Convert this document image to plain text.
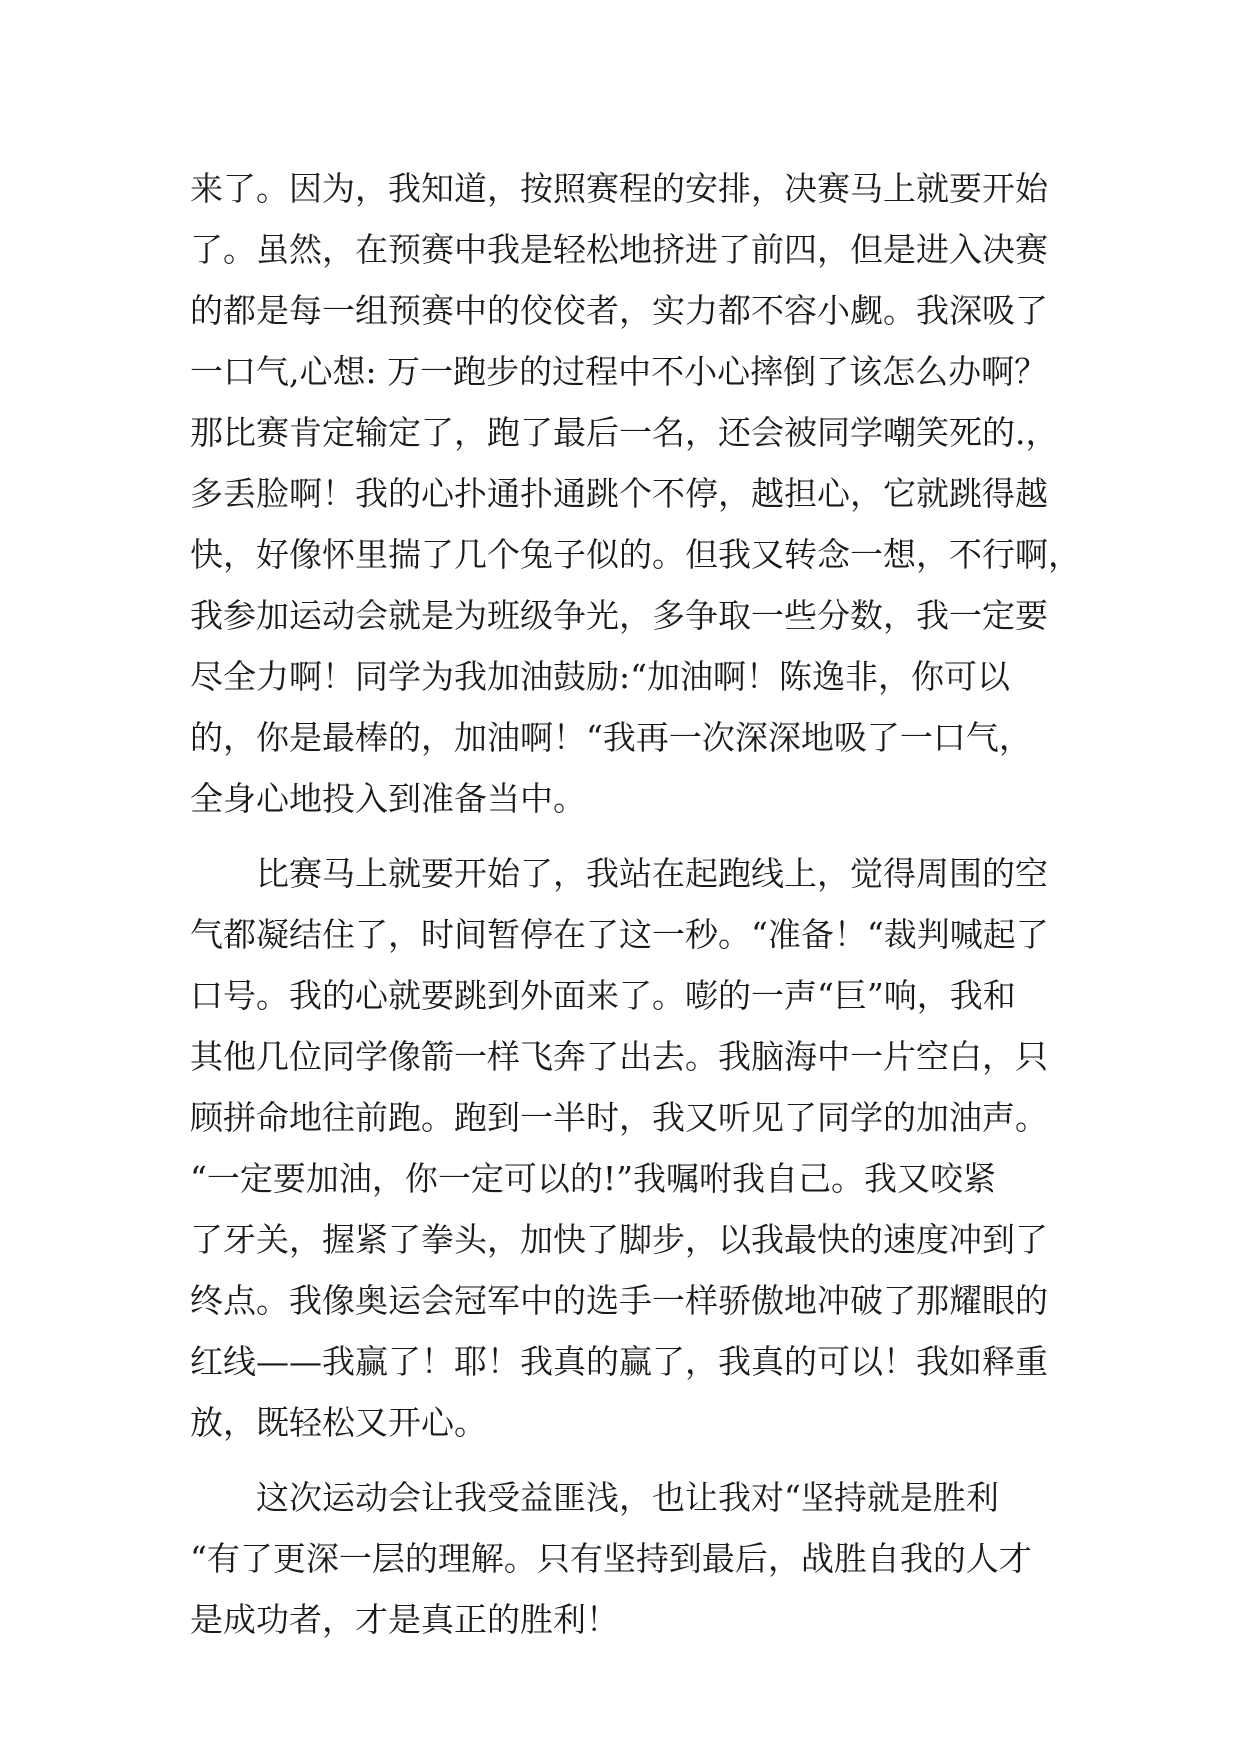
来了。因为，我知道，按照赛程的安排，决赛马上就要开始
了。虽然，在预赛中我是轻松地挤进了前四，但是进入决赛
的都是每一组预赛中的佼佼者，实力都不容小觑。我深吸了
一口气,心想: 万一跑步的过程中不小心摔倒了该怎么办啊？
那比赛肯定输定了，跑了最后一名，还会被同学嘲笑死的.，
多丢脸啊！我的心扑通扑通跳个不停，越担心，它就跳得越
快，好像怀里揣了几个兔子似的。但我又转念一想，不行啊，
我参加运动会就是为班级争光，多争取一些分数，我一定要
尽全力啊！同学为我加油鼓励:“加油啊！陈逸非，你可以
的，你是最棒的，加油啊！“我再一次深深地吸了一口气，
全身心地投入到准备当中。
　　比赛马上就要开始了，我站在起跑线上，觉得周围的空
气都凝结住了，时间暂停在了这一秒。“准备！“裁判喊起了
口号。我的心就要跳到外面来了。嘭的一声“巨”响，我和
其他几位同学像箭一样飞奔了出去。我脑海中一片空白，只
顾拼命地往前跑。跑到一半时，我又听见了同学的加油声。
“一定要加油，你一定可以的!”我嘱咐我自己。我又咬紧
了牙关，握紧了拳头，加快了脚步，以我最快的速度冲到了
终点。我像奥运会冠军中的选手一样骄傲地冲破了那耀眼的
红线——我赢了！耶！我真的赢了，我真的可以！我如释重
放，既轻松又开心。
　　这次运动会让我受益匪浅，也让我对“坚持就是胜利
“有了更深一层的理解。只有坚持到最后，战胜自我的人才
是成功者，才是真正的胜利！
